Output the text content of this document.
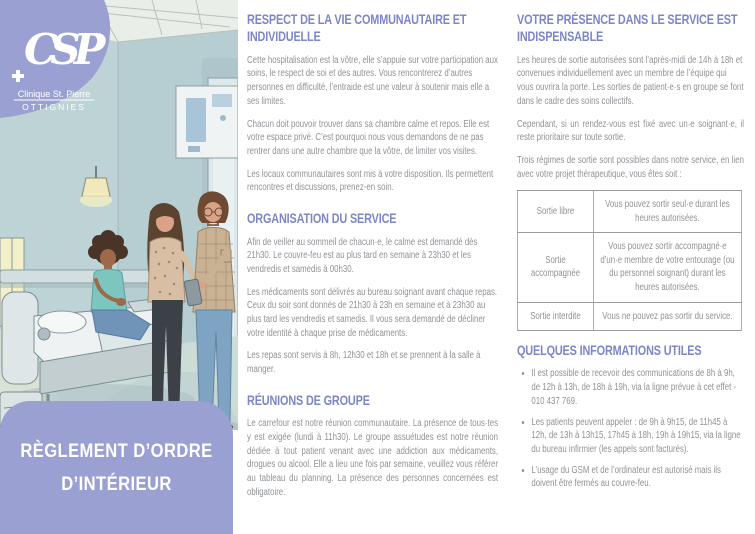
CSP
Clinique St. Pierre
OTTIGNIES
RÈGLEMENT D’ORDRE D’INTÉRIEUR
RESPECT DE LA VIE COMMUNAUTAIRE ET INDIVIDUELLE

Cette hospitalisation est la vôtre, elle s’appuie sur votre participation aux soins, le respect de soi et des autres. Vous rencontrerez d’autres personnes en difficulté, l’entraide est une valeur à soutenir mais elle a ses limites.

Chacun doit pouvoir trouver dans sa chambre calme et repos. Elle est votre espace privé. C’est pourquoi nous vous demandons de ne pas rentrer dans une autre chambre que la vôtre, de limiter vos visites.

Les locaux communautaires sont mis à votre disposition. Ils permettent rencontres et discussions, prenez-en soin.

ORGANISATION DU SERVICE

Afin de veiller au sommeil de chacun·e, le calme est demandé dès 21h30. Le couvre-feu est au plus tard en semaine à 23h30 et les vendredis et samedis à 00h30.

Les médicaments sont délivrés au bureau soignant avant chaque repas. Ceux du soir sont donnés de 21h30 à 23h en semaine et à 23h30 au plus tard les vendredis et samedis. Il vous sera demandé de décliner votre identité à chaque prise de médicaments.

Les repas sont servis à 8h, 12h30 et 18h et se prennent à la salle à manger.

RÉUNIONS DE GROUPE

Le carrefour est notre réunion communautaire. La présence de tous·tes y est exigée (lundi à 11h30). Le groupe assuétudes est notre réunion dédiée à tout patient venant avec une addiction aux médicaments, drogues ou alcool. Elle a lieu une fois par semaine, veuillez vous référer au tableau du planning. La présence des personnes concernées est obligatoire.

VOTRE PRÉSENCE DANS LE SERVICE EST INDISPENSABLE

Les heures de sortie autorisées sont l’après-midi de 14h à 18h et convenues individuellement avec un membre de l’équipe qui vous ouvrira la porte. Les sorties de patient·e·s en groupe se font dans le cadre des soins collectifs.

Cependant, si un rendez-vous est fixé avec un·e soignant·e, il reste prioritaire sur toute sortie.

Trois régimes de sortie sont possibles dans notre service, en lien avec votre projet thérapeutique, vous êtes soit :

Sortie libre	Vous pouvez sortir seul·e durant les heures autorisées.
Sortie accompagnée	Vous pouvez sortir accompagné·e d’un·e membre de votre entourage (ou du personnel soignant) durant les heures autorisées.
Sortie interdite	Vous ne pouvez pas sortir du service.
QUELQUES INFORMATIONS UTILES
• Il est possible de recevoir des communications de 8h à 9h, de 12h à 13h, de 18h à 19h, via la ligne prévue à cet effet - 010 437 769.
• Les patients peuvent appeler : de 9h à 9h15, de 11h45 à 12h, de 13h à 13h15, 17h45 à 18h, 19h à 19h15, via la ligne du bureau infirmier (les appels sont facturés).
• L’usage du GSM et de l’ordinateur est autorisé mais ils doivent être fermés au couvre-feu.
